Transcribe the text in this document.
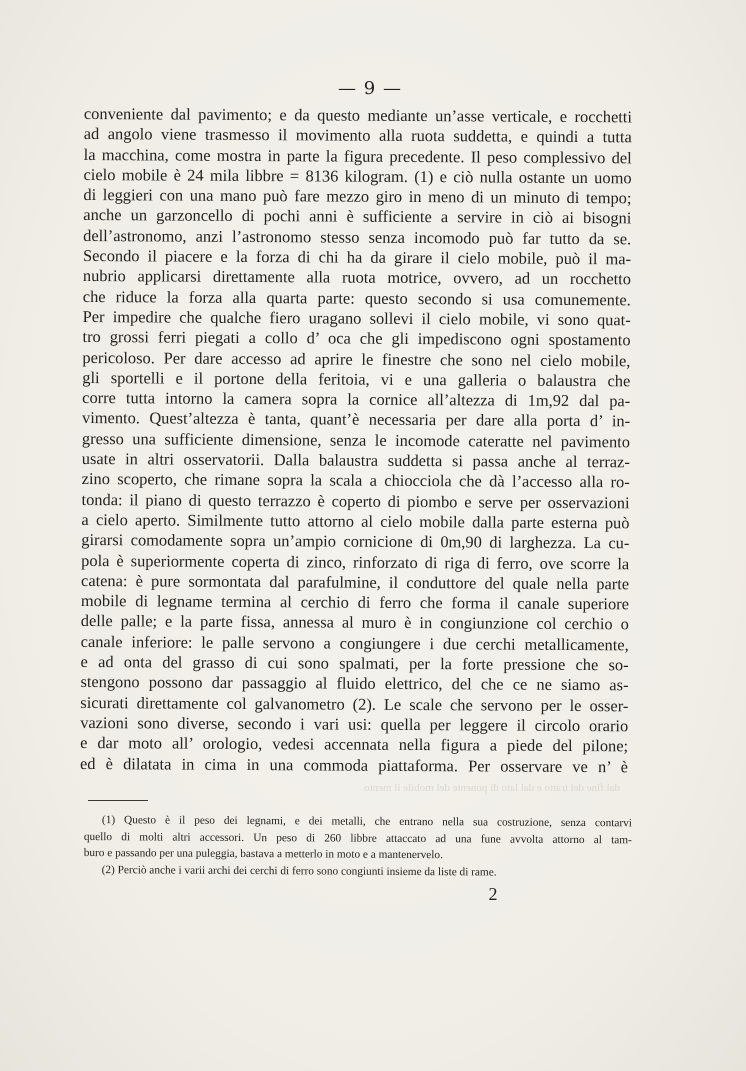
— 9 —
dal fine del tratto e dal lato di ponente del mobile il mento
conveniente dal pavimento; e da questo mediante un’asse verticale, e rocchetti
ad angolo viene trasmesso il movimento alla ruota suddetta, e quindi a tutta
la macchina, come mostra in parte la figura precedente. Il peso complessivo del
cielo mobile è 24 mila libbre = 8136 kilogram. (1) e ciò nulla ostante un uomo
di leggieri con una mano può fare mezzo giro in meno di un minuto di tempo;
anche un garzoncello di pochi anni è sufficiente a servire in ciò ai bisogni
dell’astronomo, anzi l’astronomo stesso senza incomodo può far tutto da se.
Secondo il piacere e la forza di chi ha da girare il cielo mobile, può il ma-
nubrio applicarsi direttamente alla ruota motrice, ovvero, ad un rocchetto
che riduce la forza alla quarta parte: questo secondo si usa comunemente.
Per impedire che qualche fiero uragano sollevi il cielo mobile, vi sono quat-
tro grossi ferri piegati a collo d’ oca che gli impediscono ogni spostamento
pericoloso. Per dare accesso ad aprire le finestre che sono nel cielo mobile,
gli sportelli e il portone della feritoia, vi e una galleria o balaustra che
corre tutta intorno la camera sopra la cornice all’altezza di 1m,92 dal pa-
vimento. Quest’altezza è tanta, quant’è necessaria per dare alla porta d’ in-
gresso una sufficiente dimensione, senza le incomode cateratte nel pavimento
usate in altri osservatorii. Dalla balaustra suddetta si passa anche al terraz-
zino scoperto, che rimane sopra la scala a chiocciola che dà l’accesso alla ro-
tonda: il piano di questo terrazzo è coperto di piombo e serve per osservazioni
a cielo aperto. Similmente tutto attorno al cielo mobile dalla parte esterna può
girarsi comodamente sopra un’ampio cornicione di 0m,90 di larghezza. La cu-
pola è superiormente coperta di zinco, rinforzato di riga di ferro, ove scorre la
catena: è pure sormontata dal parafulmine, il conduttore del quale nella parte
mobile di legname termina al cerchio di ferro che forma il canale superiore
delle palle; e la parte fissa, annessa al muro è in congiunzione col cerchio o
canale inferiore: le palle servono a congiungere i due cerchi metallicamente,
e ad onta del grasso di cui sono spalmati, per la forte pressione che so-
stengono possono dar passaggio al fluido elettrico, del che ce ne siamo as-
sicurati direttamente col galvanometro (2). Le scale che servono per le osser-
vazioni sono diverse, secondo i vari usi: quella per leggere il circolo orario
e dar moto all’ orologio, vedesi accennata nella figura a piede del pilone;
ed è dilatata in cima in una commoda piattaforma. Per osservare ve n’ è
(1) Questo è il peso dei legnami, e dei metalli, che entrano nella sua costruzione, senza contarvi
quello di molti altri accessori. Un peso di 260 libbre attaccato ad una fune avvolta attorno al tam-
buro e passando per una puleggia, bastava a metterlo in moto e a mantenervelo.
(2) Perciò anche i varii archi dei cerchi di ferro sono congiunti insieme da liste di rame.
2
